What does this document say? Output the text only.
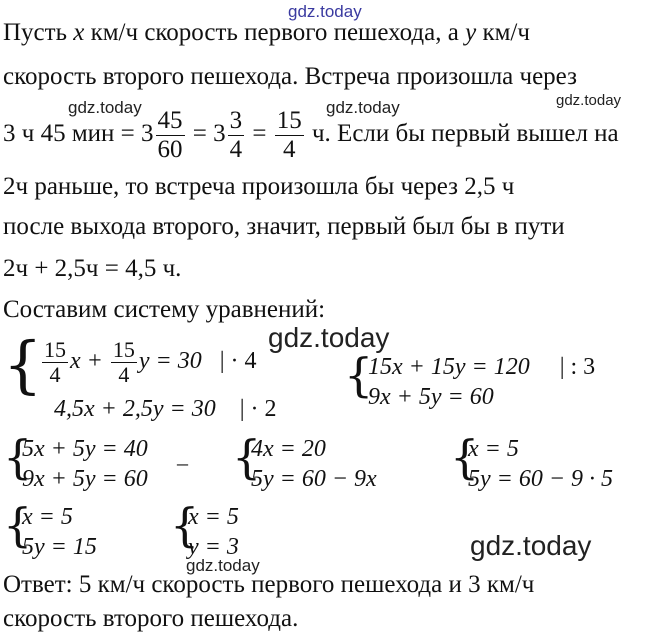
gdz.today
Пусть x км/ч скорость первого пешехода, а y км/ч
скорость второго пешехода. Встреча произошла через
gdz.today	gdz.today	gdz.today
3 ч 45 мин = $3 \frac{45}{60} = 3 \frac{3}{4} = \frac{15}{4} ч$. Если бы первый вышел на
2ч раньше, то встреча произошла бы через 2,5 ч
после выхода второго, значит, первый был бы в пути
2ч + 2,5ч = 4,5 ч.
Составим систему уравнений:
gdz.today
{ $\frac{15}{4}$ $x + \frac{15}{4}$ y = 30 | · 4
4,5x + 2,5y = 30 | · 2
{
15x + 15y = 120 | : 3
9x + 5y = 60
{
5x + 5y = 40
9x + 5y = 60
– {
4x = 20
5y = 60 − 9x {
x = 5
5y = 60 − 9 · 5
{
x = 5
5y = 15 {
x = 5
y = 3	gdz.today
gdz.today
Ответ: 5 км/ч скорость первого пешехода и 3 км/ч
скорость второго пешехода.
